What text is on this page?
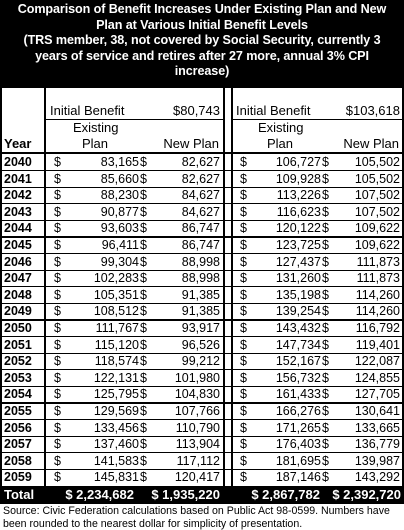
Comparison of Benefit Increases Under Existing Plan and New
Plan at Various Initial Benefit Levels
(TRS member, 38, not covered by Social Security, currently 3
years of service and retires after 27 more, annual 3% CPI
increase)
Initial Benefit	$80,743 Initial Benefit	$103,618
Existing
Plan	New Plan
Existing
Plan	New Plan
Year
2040 $	83,165 $	82,627 $	106,727 $	105,502
2041 $	85,660 $	82,627 $	109,928 $	105,502
2042 $	88,230 $	84,627 $	113,226 $	107,502
2043 $	90,877 $	84,627 $	116,623 $	107,502
2044 $	93,603 $	86,747 $	120,122 $	109,622
2045 $	96,411 $	86,747 $	123,725 $	109,622
2046 $	99,304 $	88,998 $	127,437 $	111,873
2047 $	102,283 $	88,998 $	131,260 $	111,873
2048 $	105,351 $	91,385 $	135,198 $	114,260
2049 $	108,512 $	91,385 $	139,254 $	114,260
2050 $	111,767 $	93,917 $	143,432 $	116,792
2051 $	115,120 $	96,526 $	147,734 $	119,401
2052 $	118,574 $	99,212 $	152,167 $	122,087
2053 $	122,131 $	101,980 $	156,732 $	124,855
2054 $	125,795 $	104,830 $	161,433 $	127,705
2055 $	129,569 $	107,766 $	166,276 $	130,641
2056 $	133,456 $	110,790 $	171,265 $	133,665
2057 $	137,460 $	113,904 $	176,403 $	136,779
2058 $	141,583 $	117,112 $	181,695 $	139,987
2059 $	145,831 $	120,417 $	187,146 $	143,292
Total	$ 2,234,682	$ 1,935,220	$ 2,867,782 $ 2,392,720
Source: Civic Federation calculations based on Public Act 98-0599. Numbers have been rounded to the nearest dollar for simplicity of presentation.
